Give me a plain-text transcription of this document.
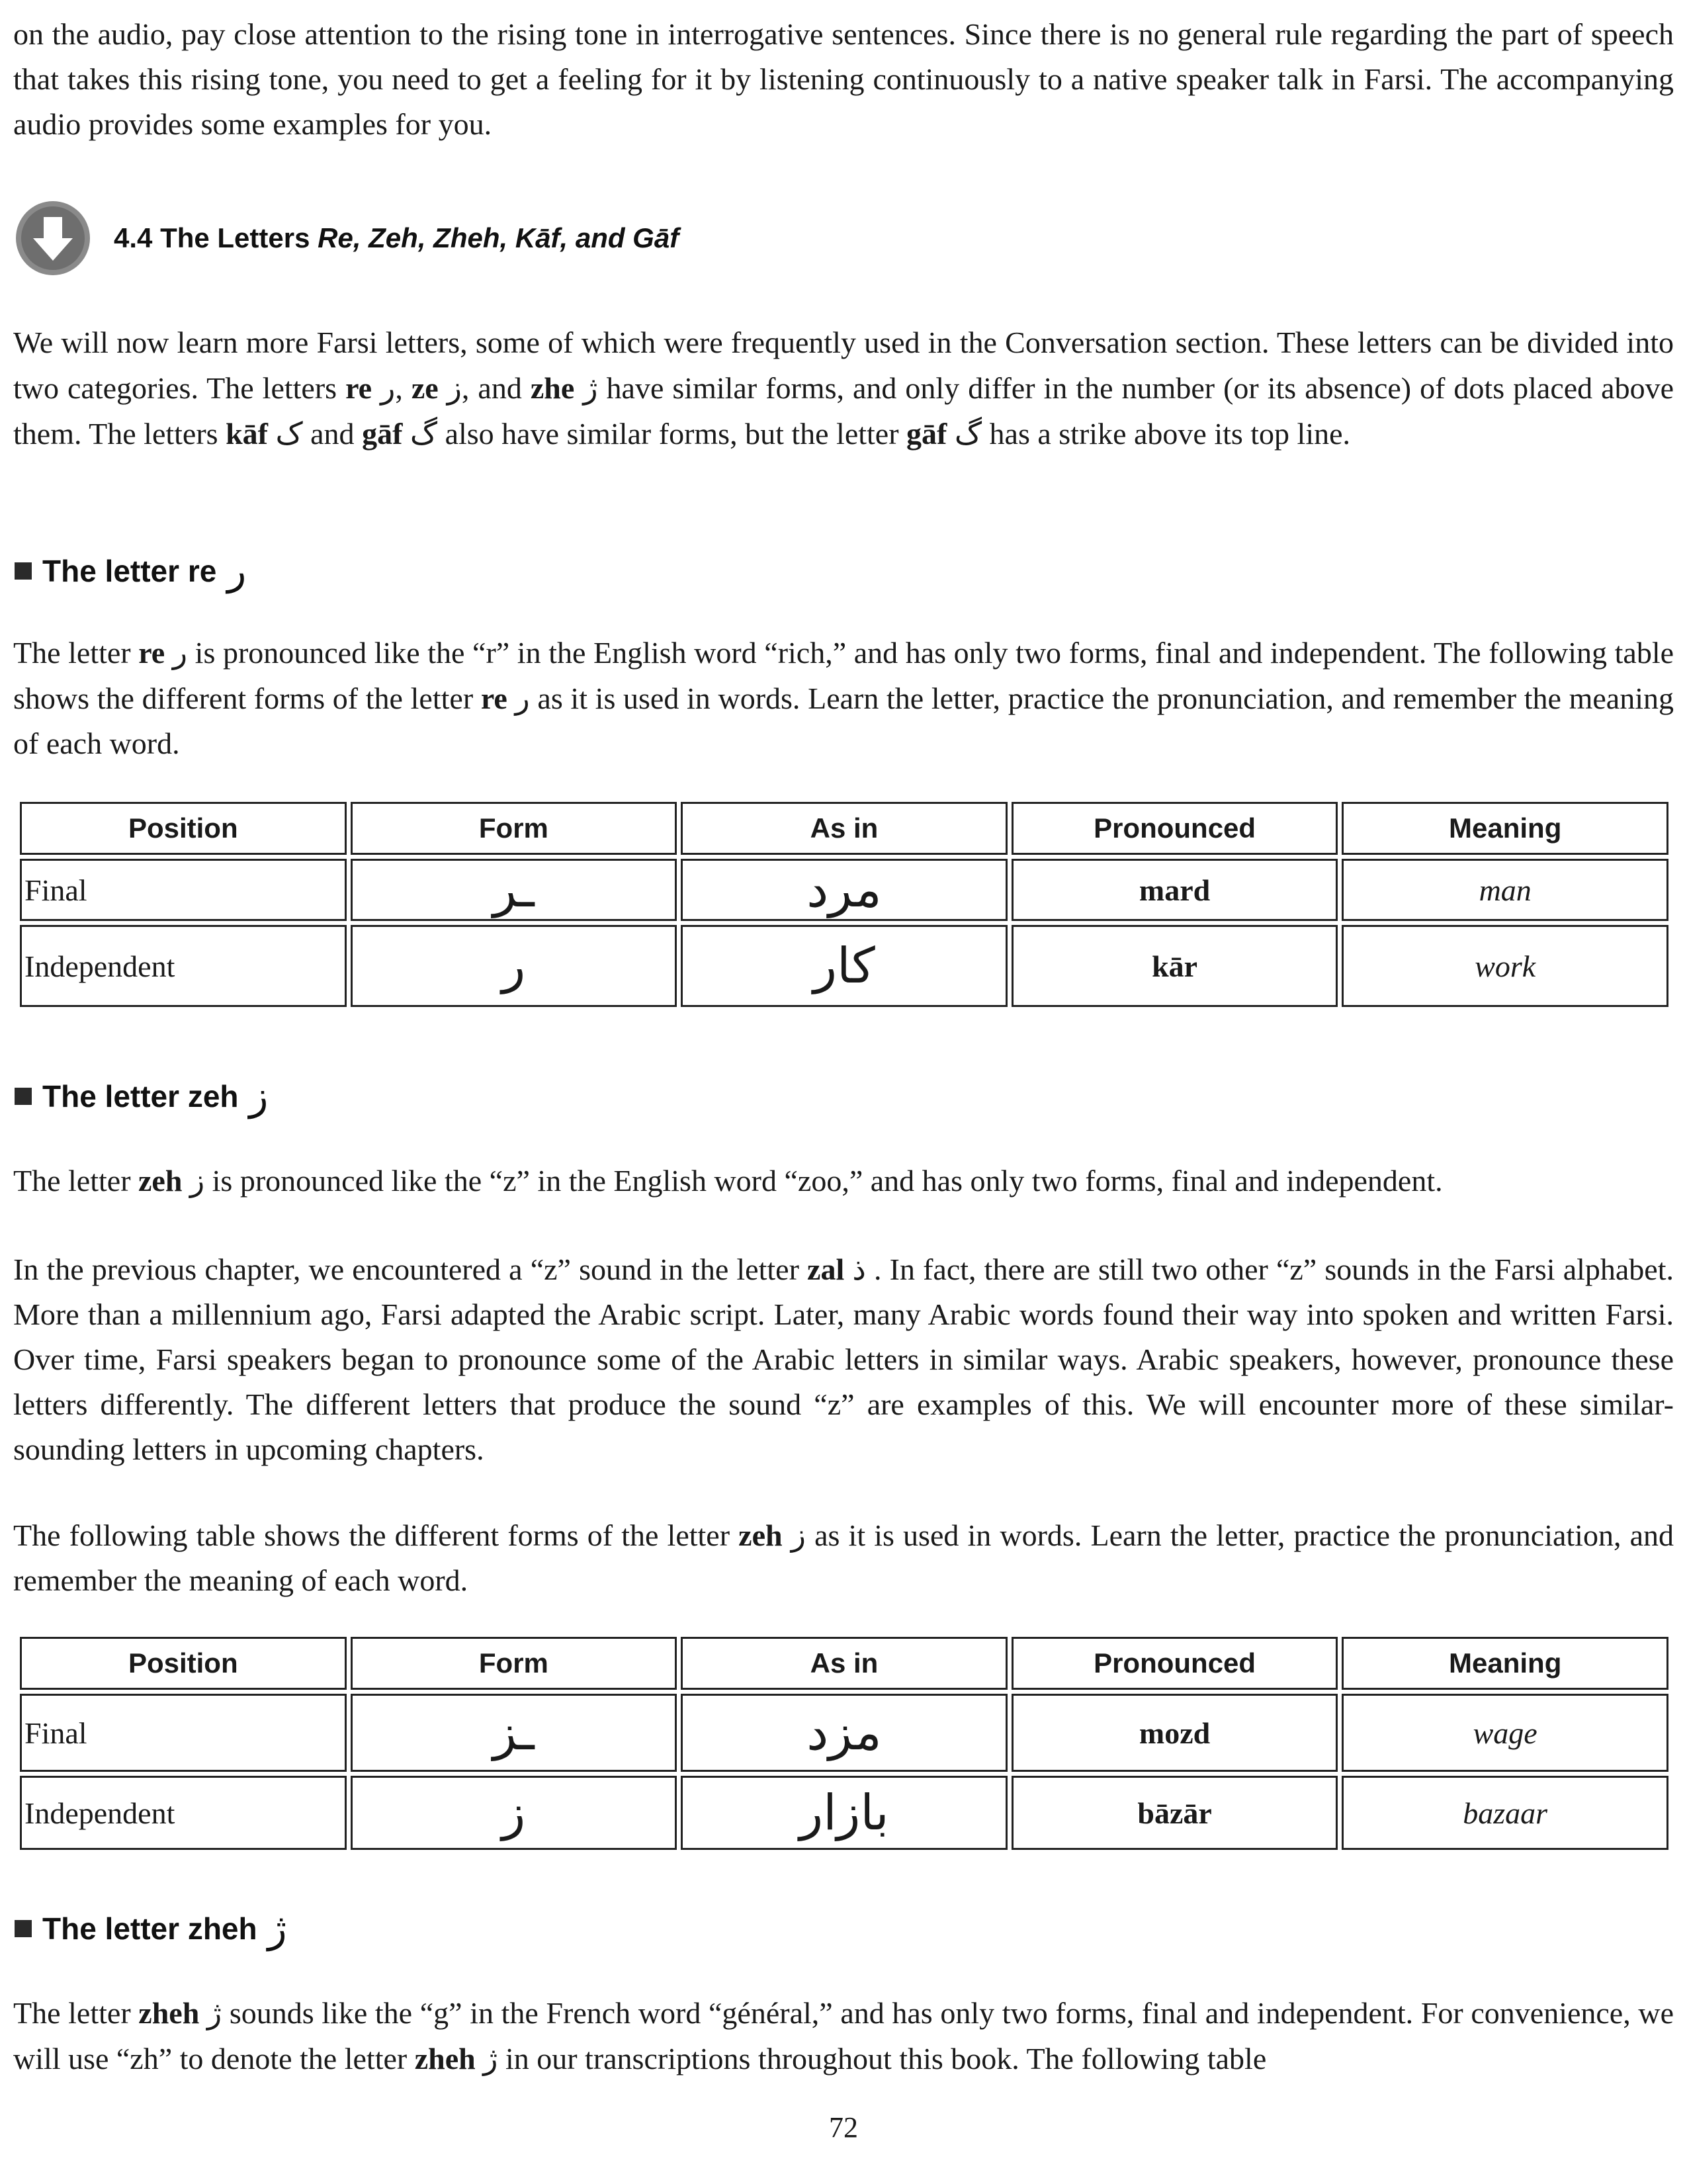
on the audio, pay close attention to the rising tone in interrogative sentences. Since there is no general rule regarding the part of speech that takes this rising tone, you need to get a feeling for it by listening continuously to a native speaker talk in Farsi. The accompanying audio provides some examples for you.

4.4 The Letters Re, Zeh, Zheh, Kāf, and Gāf

We will now learn more Farsi letters, some of which were frequently used in the Conversation section. These letters can be divided into two categories. The letters re ر, ze ز, and zhe ژ have similar forms, and only differ in the number (or its absence) of dots placed above them. The letters kāf ک and gāf گ also have similar forms, but the letter gāf گ has a strike above its top line.

The letter re ر

The letter re ر is pronounced like the “r” in the English word “rich,” and has only two forms, final and independent. The following table shows the different forms of the letter re ر as it is used in words. Learn the letter, practice the pronunciation, and remember the meaning of each word.

Position	Form	As in	Pronounced	Meaning
Final	ـر	مرد	mard	man
Independent	ر	کار	kār	work
The letter zeh ز

The letter zeh ز is pronounced like the “z” in the English word “zoo,” and has only two forms, final and independent.

In the previous chapter, we encountered a “z” sound in the letter zal ذ . In fact, there are still two other “z” sounds in the Farsi alphabet. More than a millennium ago, Farsi adapted the Arabic script. Later, many Arabic words found their way into spoken and written Farsi. Over time, Farsi speakers began to pronounce some of the Arabic letters in similar ways. Arabic speakers, however, pronounce these letters differently. The different letters that produce the sound “z” are examples of this. We will encounter more of these similar-sounding letters in upcoming chapters.

The following table shows the different forms of the letter zeh ز as it is used in words. Learn the letter, practice the pronunciation, and remember the meaning of each word.

Position	Form	As in	Pronounced	Meaning
Final	ـز	مزد	mozd	wage
Independent	ز	بازار	bāzār	bazaar
The letter zheh ژ

The letter zheh ژ sounds like the “g” in the French word “général,” and has only two forms, final and independent. For convenience, we will use “zh” to denote the letter zheh ژ in our transcriptions throughout this book. The following table

72
